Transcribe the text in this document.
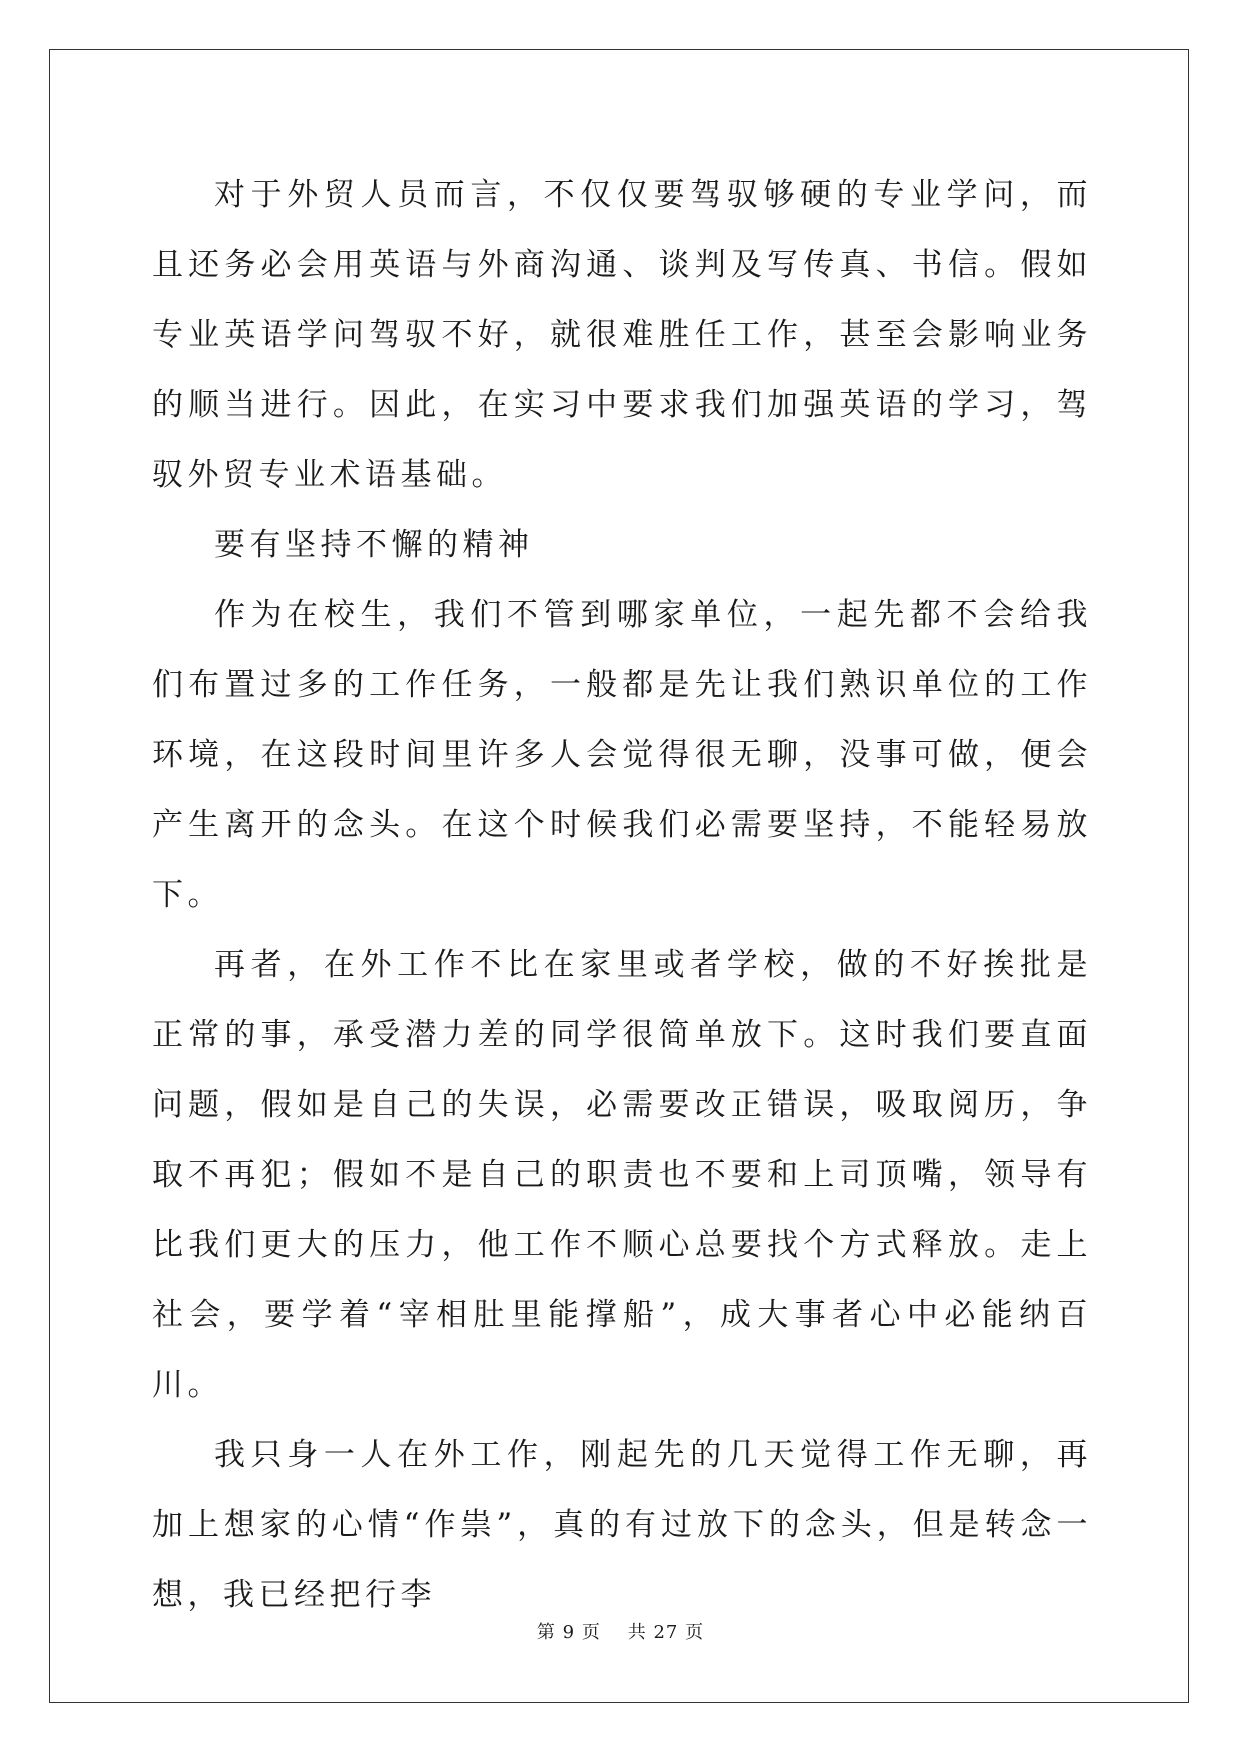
对于外贸人员而言，不仅仅要驾驭够硬的专业学问，而且还务必会用英语与外商沟通、谈判及写传真、书信。假如专业英语学问驾驭不好，就很难胜任工作，甚至会影响业务的顺当进行。因此，在实习中要求我们加强英语的学习，驾驭外贸专业术语基础。

要有坚持不懈的精神

作为在校生，我们不管到哪家单位，一起先都不会给我们布置过多的工作任务，一般都是先让我们熟识单位的工作环境，在这段时间里许多人会觉得很无聊，没事可做，便会产生离开的念头。在这个时候我们必需要坚持，不能轻易放下。

再者，在外工作不比在家里或者学校，做的不好挨批是正常的事，承受潜力差的同学很简单放下。这时我们要直面问题，假如是自己的失误，必需要改正错误，吸取阅历，争取不再犯；假如不是自己的职责也不要和上司顶嘴，领导有比我们更大的压力，他工作不顺心总要找个方式释放。走上社会，要学着“宰相肚里能撑船”，成大事者心中必能纳百川。

我只身一人在外工作，刚起先的几天觉得工作无聊，再加上想家的心情“作祟”，真的有过放下的念头，但是转念一想，我已经把行李

第 9 页 共 27 页
